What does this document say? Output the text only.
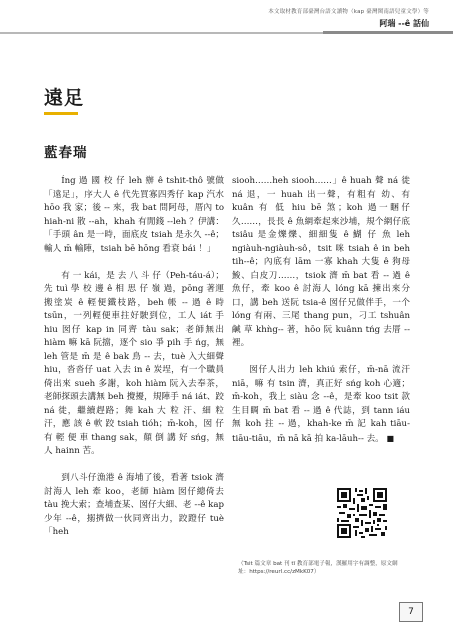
本文取材教育部臺灣台語文讀物（kap 臺灣閩南語兒童文學）等
阿瑞 --ê 話仙
遠足
藍春瑞

Íng 過 國 校 仔 leh 辦 ê tshit-thô 號做「遠足」，序大人 ê 代先買寡四秀仔 kap 汽水 hōo 我 家；後 -- 來，我 bat 問阿母，厝內 to hiah-ni 散 --ah，khah 有閒錢 --leh ？伊講：「手頭 ân 是一時，面底皮 tsiah 是永久 --ê；輸人 m̄ 輸陣，tsiah bē hōng 看衰 bái ！」

有 一 kái，是 去 八 斗 仔（Peh-táu-á）；先 tuì 學 校 邊 ê 相 思 仔 嶺 過，pōng 著運搬塗炭 ê 輕便鐵枝路，beh 帳 -- 過 ê 時 tsūn，一列輕便車拄好駛到位，工人 iát 手 hiu 囡仔 kap in 同齊 tàu sak；老師無出 hiàm 嘛 kā 阮擋，逐个 sio 爭 pih 手 ńg，無 leh 管是 m̄ 是 ê bak 鳥 -- 去，tuè 入大細聲 hiu，沓沓仔 uat 入去 in ê 炭埕，有一个職員倚出來 sueh 多謝，koh hiàm 阮入去奉茶，老師探頭去講無 beh 攪擾，規陣手 ná iát、跤 ná 徙，繼續趕路；舞 kah 大 粒 汗、細 粒 汗，應 該 ê 軟 跤 tsiah tióh；m̄-koh，囡 仔 有 輕 便 車 thang sak，顛 倒 講 好 sńg，無 人 hainn 苦。

到八斗仔漁港 ê 海埔了後，看著 tsiok 濟討海人 leh 牽 koo，老師 hiàm 囡仔總倚去 tàu 挽大索；查埔查某、囡仔大細、老 --ê kap 少年 --ê，搦擠做一伙同齊出力，跤蹬仔 tuè「heh

siooh……heh siooh……」ê huah 聲 ná 徙 ná 退，一 huah 出一聲，有粗有 幼、有 kuân 有 低 hiu bē 煞；koh 過一睏仔久……，長長 ê 魚網牽起來沙埔，規个網仔底 tsiâu 是金爍爍、細細隻 ê 鰗 仔 魚 leh ngiàuh-ngiàuh-sô，tsit 咪 tsiah ê in beh tih--ê；內底有 lām 一寡 khah 大隻 ê 狗母鮻、白皮刀……，tsiok 濟 m̄ bat 看 -- 過 ê 魚仔，牽 koo ê 討海人 lóng kā 揀出來分口，講 beh 送阮 tsia-ê 囡仔兄做伴手，一个 lóng 有兩、三尾 thang pun，刁工 tshuân 鹹 草 khǹg-- 著，hōo 阮 kuânn tńg 去厝 -- 裡。

囡仔人出力 leh khiú 索仔，m̄-nā 流汗 niā，嘛 有 tsin 濟，真正好 sńg koh 心適；m̄-koh，我上 siàu 念 --ê，是牽 koo tsit 款生目睭 m̄ bat 看 -- 過 ê 代誌，到 tann iáu 無 koh 拄 -- 過，khah-ke m̄ 記 kah tiāu-tiāu-tiāu，m̄ nā kā 拍 ka-lāuh-- 去。 ■

（Tsit 篇文章 bat 刊 tī 教育部電子報，漢羅用字有調整，原文網址：https://reurl.cc/zMkK07）
7
